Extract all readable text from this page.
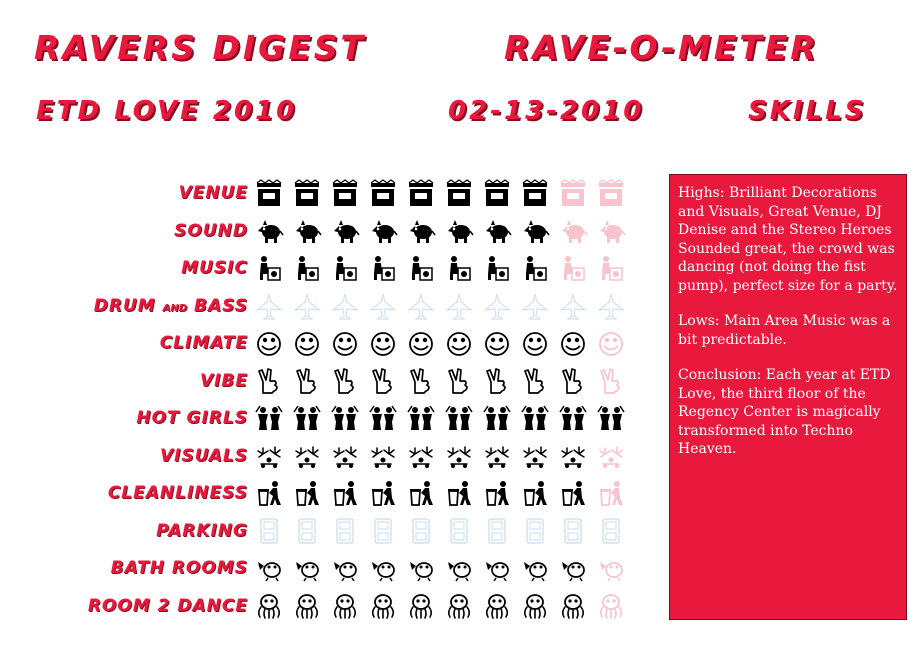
RAVERS DIGEST	RAVE-O-METER
ETD LOVE 2010	02-13-2010	SKILLS
VENUE
SOUND
MUSIC
DRUM AND BASS
CLIMATE
VIBE
HOT GIRLS
VISUALS
CLEANLINESS
PARKING
BATH ROOMS
ROOM 2 DANCE

Highs: Brilliant Decorations and Visuals, Great Venue, DJ Denise and the Stereo Heroes Sounded great, the crowd was dancing (not doing the fist pump), perfect size for a party.

Lows: Main Area Music was a bit predictable.

Conclusion: Each year at ETD Love, the third floor of the Regency Center is magically transformed into Techno Heaven.
